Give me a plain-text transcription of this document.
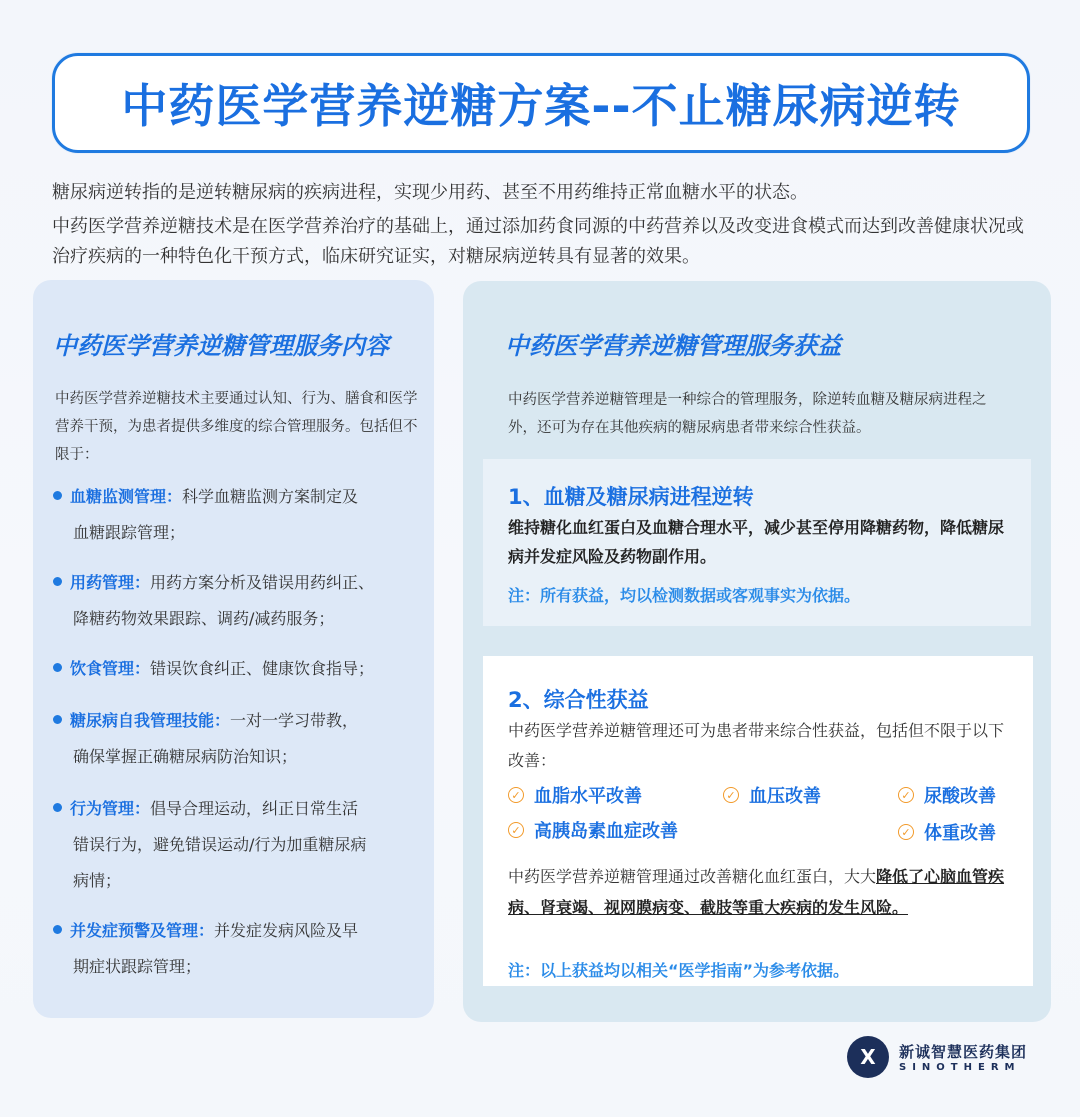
中药医学营养逆糖方案--不止糖尿病逆转

糖尿病逆转指的是逆转糖尿病的疾病进程，实现少用药、甚至不用药维持正常血糖水平的状态。

中药医学营养逆糖技术是在医学营养治疗的基础上，通过添加药食同源的中药营养以及改变进食模式而达到改善健康状况或治疗疾病的一种特色化干预方式，临床研究证实，对糖尿病逆转具有显著的效果。

中药医学营养逆糖管理服务内容
中药医学营养逆糖技术主要通过认知、行为、膳食和医学营养干预，为患者提供多维度的综合管理服务。包括但不限于：
血糖监测管理：科学血糖监测方案制定及
血糖跟踪管理；
用药管理：用药方案分析及错误用药纠正、
降糖药物效果跟踪、调药/减药服务；
饮食管理：错误饮食纠正、健康饮食指导；
糖尿病自我管理技能：一对一学习带教，
确保掌握正确糖尿病防治知识；
行为管理：倡导合理运动，纠正日常生活
错误行为，避免错误运动/行为加重糖尿病
病情；
并发症预警及管理：并发症发病风险及早
期症状跟踪管理；
中药医学营养逆糖管理服务获益
中药医学营养逆糖管理是一种综合的管理服务，除逆转血糖及糖尿病进程之外，还可为存在其他疾病的糖尿病患者带来综合性获益。
1、血糖及糖尿病进程逆转
维持糖化血红蛋白及血糖合理水平，减少甚至停用降糖药物，降低糖尿病并发症风险及药物副作用。
注：所有获益，均以检测数据或客观事实为依据。
2、综合性获益
中药医学营养逆糖管理还可为患者带来综合性获益，包括但不限于以下改善：
✓ 血脂水平改善	✓ 血压改善	✓ 尿酸改善
✓ 高胰岛素血症改善	✓ 体重改善
中药医学营养逆糖管理通过改善糖化血红蛋白，大大降低了心脑血管疾病、肾衰竭、视网膜病变、截肢等重大疾病的发生风险。
注：以上获益均以相关“医学指南”为参考依据。
X	新诚智慧医药集团
SINOTHERM
